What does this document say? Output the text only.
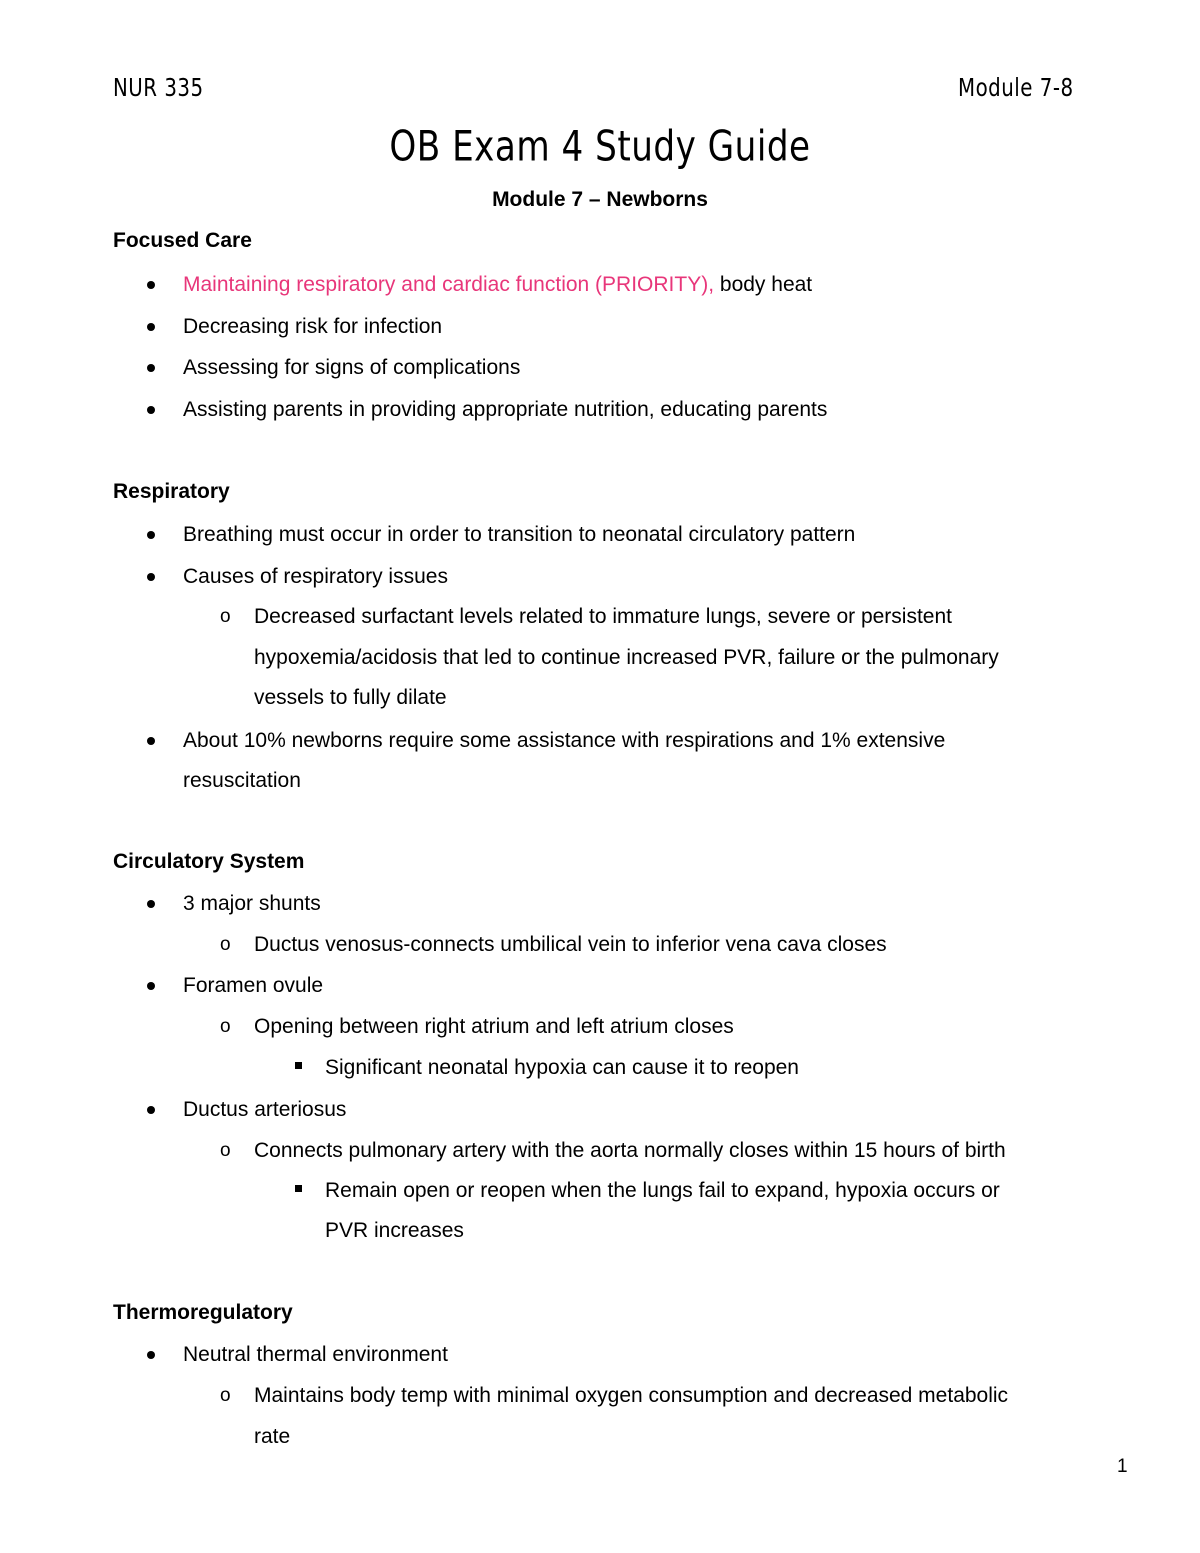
NUR 335	Module 7-8
OB Exam 4 Study Guide
Module 7 – Newborns
Focused Care
Maintaining respiratory and cardiac function (PRIORITY), body heat
Decreasing risk for infection
Assessing for signs of complications
Assisting parents in providing appropriate nutrition, educating parents
Respiratory
Breathing must occur in order to transition to neonatal circulatory pattern
Causes of respiratory issues
o	Decreased surfactant levels related to immature lungs, severe or persistent
hypoxemia/acidosis that led to continue increased PVR, failure or the pulmonary
vessels to fully dilate
About 10% newborns require some assistance with respirations and 1% extensive
resuscitation
Circulatory System
3 major shunts
o	Ductus venosus-connects umbilical vein to inferior vena cava closes
Foramen ovule
o	Opening between right atrium and left atrium closes
Significant neonatal hypoxia can cause it to reopen
Ductus arteriosus
o	Connects pulmonary artery with the aorta normally closes within 15 hours of birth
Remain open or reopen when the lungs fail to expand, hypoxia occurs or
PVR increases
Thermoregulatory
Neutral thermal environment
o	Maintains body temp with minimal oxygen consumption and decreased metabolic
rate
1
